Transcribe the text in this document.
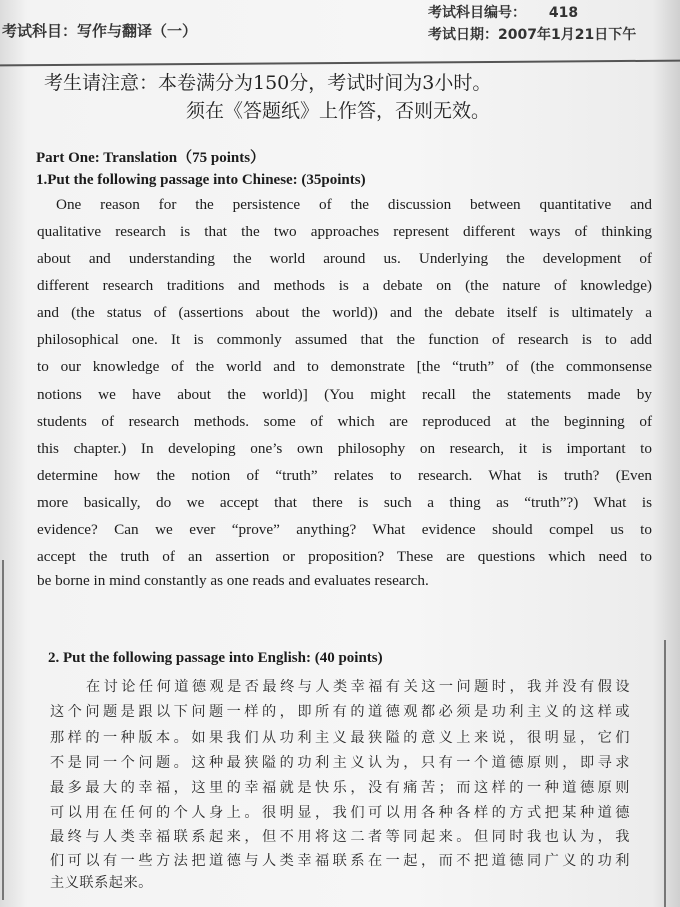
考试科目：写作与翻译（一）
考试科目编号： 418
考试日期：2007年1月21日下午
考生请注意：本卷满分为150分，考试时间为3小时。
须在《答题纸》上作答，否则无效。
Part One: Translation（75 points）
1.Put the following passage into Chinese: (35points)
One reason for the persistence of the discussion between quantitative and
qualitative research is that the two approaches represent different ways of thinking
about and understanding the world around us. Underlying the development of
different research traditions and methods is a debate on (the nature of knowledge)
and (the status of (assertions about the world)) and the debate itself is ultimately a
philosophical one. It is commonly assumed that the function of research is to add
to our knowledge of the world and to demonstrate [the “truth” of (the commonsense
notions we have about the world)] (You might recall the statements made by
students of research methods. some of which are reproduced at the beginning of
this chapter.) In developing one’s own philosophy on research, it is important to
determine how the notion of “truth” relates to research. What is truth? (Even
more basically, do we accept that there is such a thing as “truth”?) What is
evidence? Can we ever “prove” anything? What evidence should compel us to
accept the truth of an assertion or proposition? These are questions which need to
be borne in mind constantly as one reads and evaluates research.
2. Put the following passage into English: (40 points)
在讨论任何道德观是否最终与人类幸福有关这一问题时，我并没有假设
这个问题是跟以下问题一样的，即所有的道德观都必须是功利主义的这样或
那样的一种版本。如果我们从功利主义最狭隘的意义上来说，很明显，它们
不是同一个问题。这种最狭隘的功利主义认为，只有一个道德原则，即寻求
最多最大的幸福，这里的幸福就是快乐，没有痛苦；而这样的一种道德原则
可以用在任何的个人身上。很明显，我们可以用各种各样的方式把某种道德
最终与人类幸福联系起来，但不用将这二者等同起来。但同时我也认为，我
们可以有一些方法把道德与人类幸福联系在一起，而不把道德同广义的功利
主义联系起来。
